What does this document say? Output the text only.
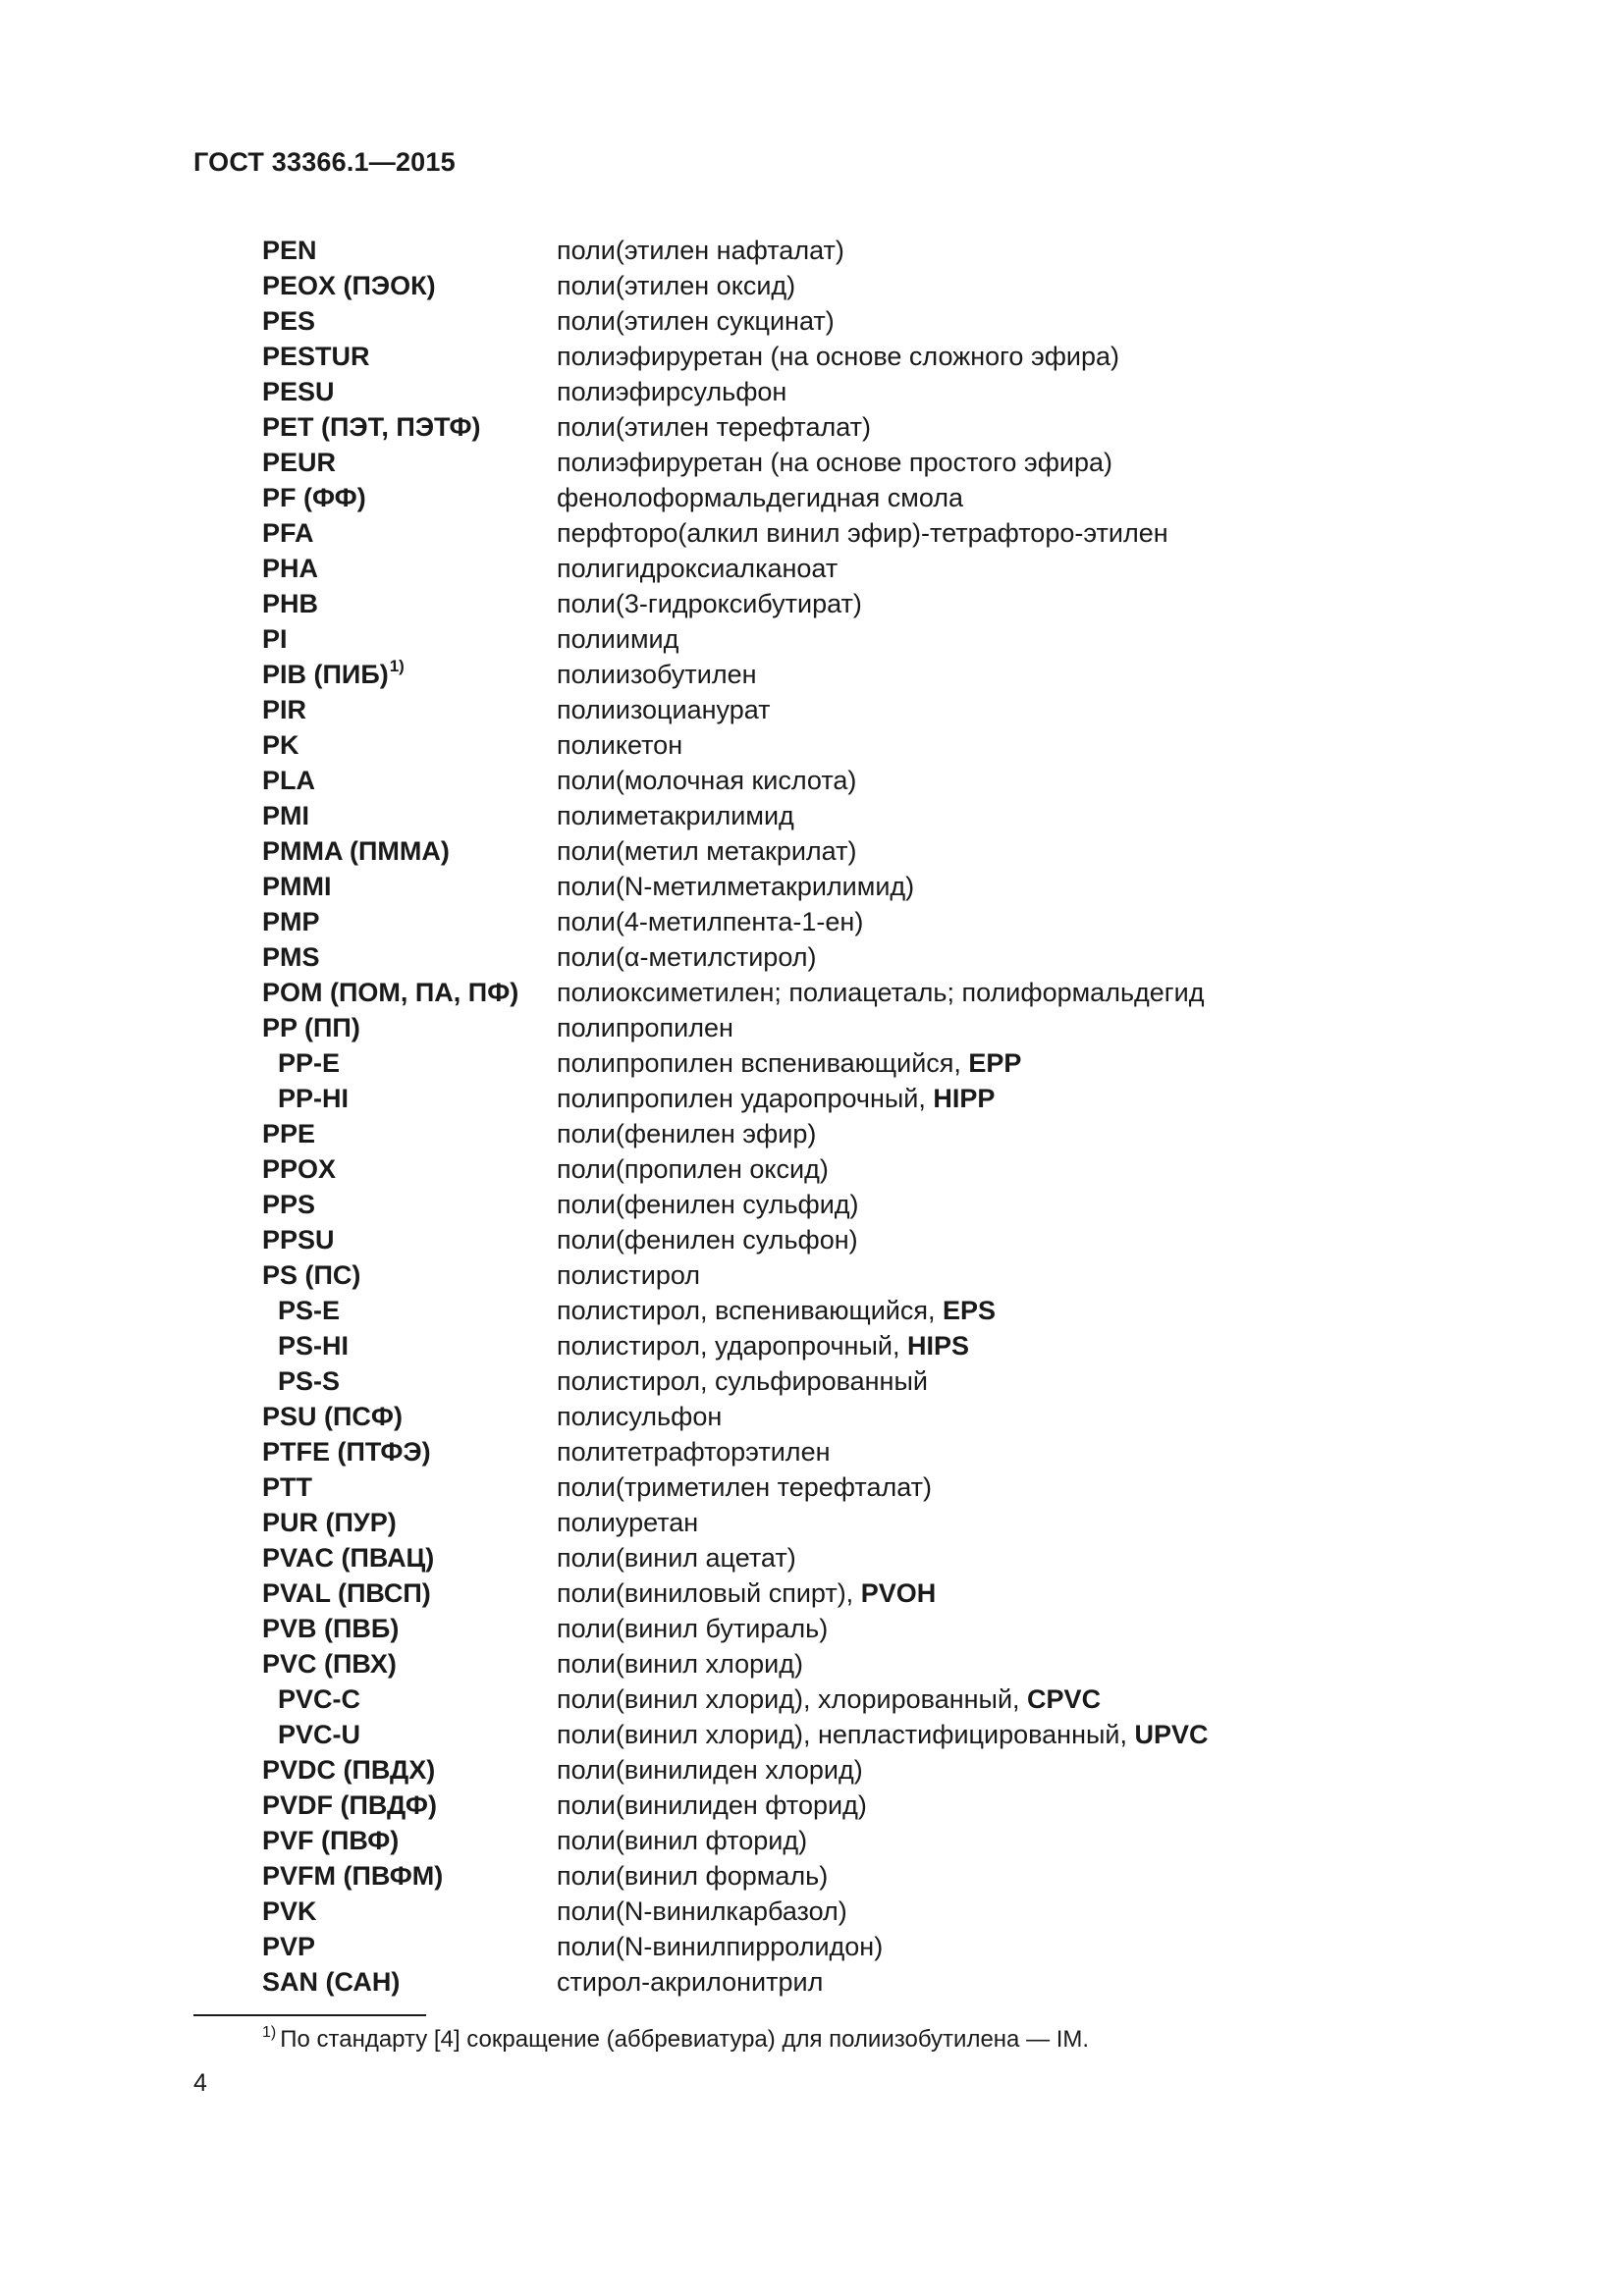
ГОСТ 33366.1—2015
PEN	поли(этилен нафталат)
PEOX (ПЭОК)	поли(этилен оксид)
PES	поли(этилен сукцинат)
PESTUR	полиэфируретан (на основе сложного эфира)
PESU	полиэфирсульфон
PET (ПЭТ, ПЭТФ)	поли(этилен терефталат)
PEUR	полиэфируретан (на основе простого эфира)
PF (ФФ)	фенолоформальдегидная смола
PFA	перфторо(алкил винил эфир)-тетрафторо-этилен
PHA	полигидроксиалканоат
PHB	поли(3-гидроксибутират)
PI	полиимид
PIB (ПИБ)$^{1)}$	полиизобутилен
PIR	полиизоцианурат
PK	поликетон
PLA	поли(молочная кислота)
PMI	полиметакрилимид
PMMA (ПММА)	поли(метил метакрилат)
PMMI	поли(N-метилметакрилимид)
PMP	поли(4-метилпента-1-ен)
PMS	поли(α-метилстирол)
POM (ПОМ, ПА, ПФ)	полиоксиметилен; полиацеталь; полиформальдегид
PP (ПП)	полипропилен
PP-E	полипропилен вспенивающийся, EPP
PP-HI	полипропилен ударопрочный, HIPP
PPE	поли(фенилен эфир)
PPOX	поли(пропилен оксид)
PPS	поли(фенилен сульфид)
PPSU	поли(фенилен сульфон)
PS (ПС)	полистирол
PS-E	полистирол, вспенивающийся, EPS
PS-HI	полистирол, ударопрочный, HIPS
PS-S	полистирол, сульфированный
PSU (ПСФ)	полисульфон
PTFE (ПТФЭ)	политетрафторэтилен
PTT	поли(триметилен терефталат)
PUR (ПУР)	полиуретан
PVAC (ПВАЦ)	поли(винил ацетат)
PVAL (ПВСП)	поли(виниловый спирт), PVOH
PVB (ПВБ)	поли(винил бутираль)
PVC (ПВХ)	поли(винил хлорид)
PVC-C	поли(винил хлорид), хлорированный, CPVC
PVC-U	поли(винил хлорид), непластифицированный, UPVC
PVDC (ПВДХ)	поли(винилиден хлорид)
PVDF (ПВДФ)	поли(винилиден фторид)
PVF (ПВФ)	поли(винил фторид)
PVFM (ПВФМ)	поли(винил формаль)
PVK	поли(N-винилкарбазол)
PVP	поли(N-винилпирролидон)
SAN (САН)	стирол-акрилонитрил
$^{1)}$ По стандарту [4] сокращение (аббревиатура) для полиизобутилена — IM.
4
